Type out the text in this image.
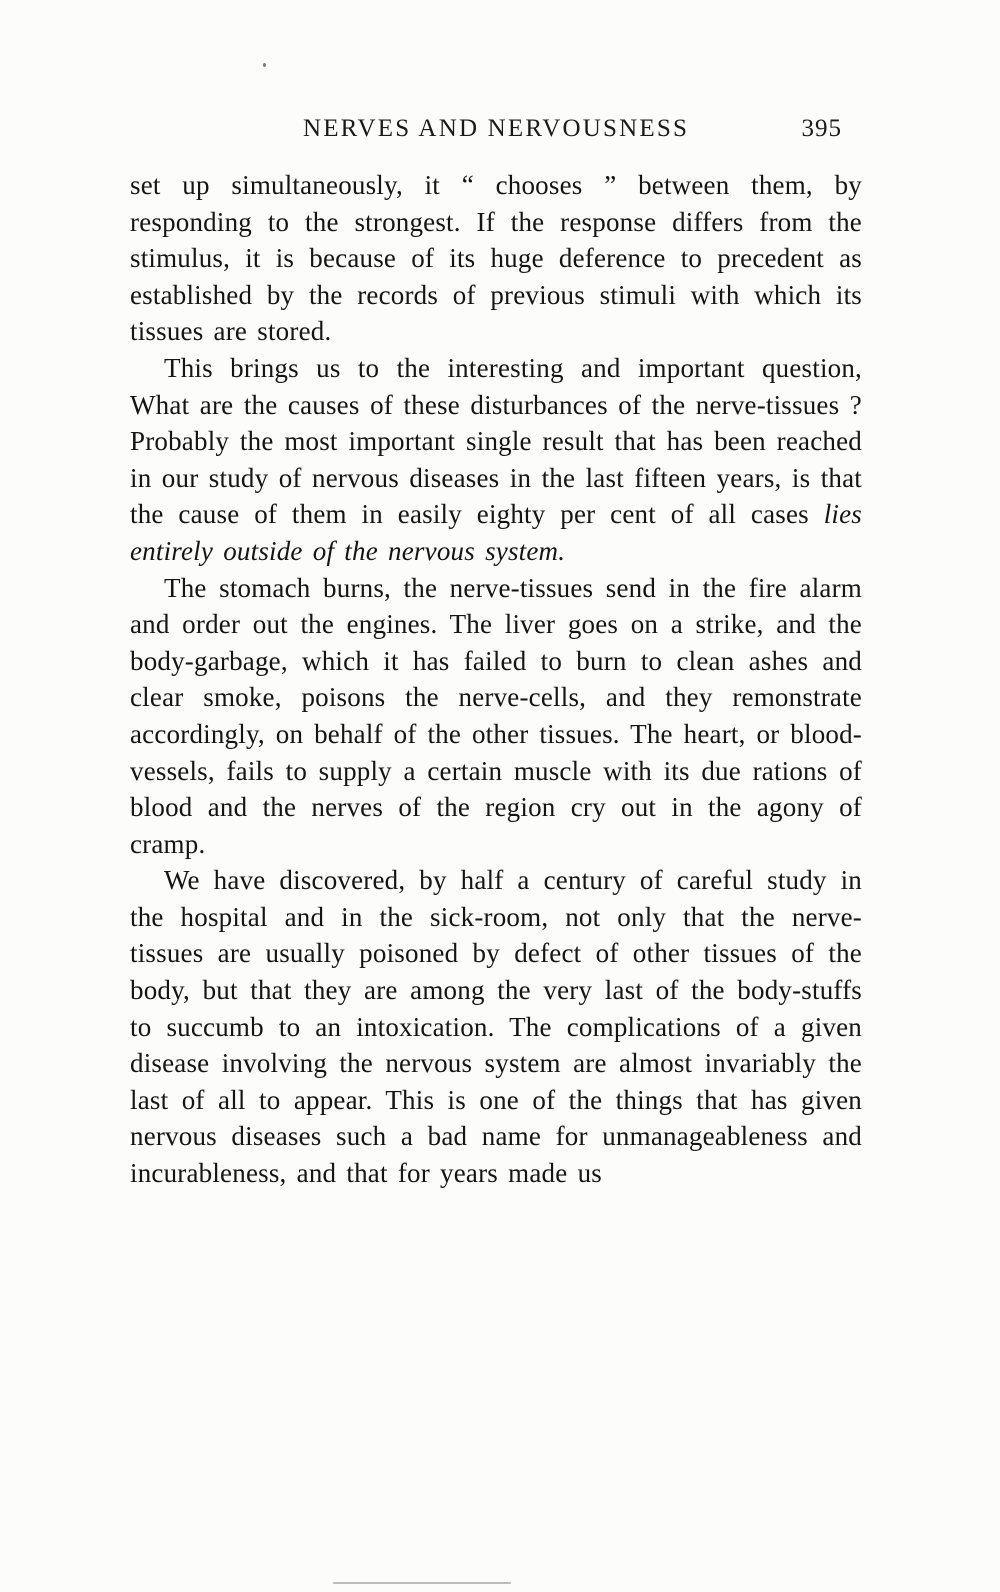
NERVES AND NERVOUSNESS	395

set up simultaneously, it “ chooses ” between them, by responding to the strongest. If the response differs from the stimulus, it is because of its huge deference to precedent as established by the records of previous stimuli with which its tissues are stored.

This brings us to the interesting and important question, What are the causes of these disturbances of the nerve-tissues ? Probably the most important single result that has been reached in our study of nervous diseases in the last fifteen years, is that the cause of them in easily eighty per cent of all cases lies entirely outside of the nervous system.

The stomach burns, the nerve-tissues send in the fire alarm and order out the engines. The liver goes on a strike, and the body-garbage, which it has failed to burn to clean ashes and clear smoke, poisons the nerve-cells, and they remonstrate accordingly, on behalf of the other tissues. The heart, or blood-vessels, fails to supply a certain muscle with its due rations of blood and the nerves of the region cry out in the agony of cramp.

We have discovered, by half a century of careful study in the hospital and in the sick-room, not only that the nerve-tissues are usually poisoned by defect of other tissues of the body, but that they are among the very last of the body-stuffs to succumb to an intoxication. The complications of a given disease involving the nervous system are almost invariably the last of all to appear. This is one of the things that has given nervous diseases such a bad name for unmanageableness and incurableness, and that for years made us
